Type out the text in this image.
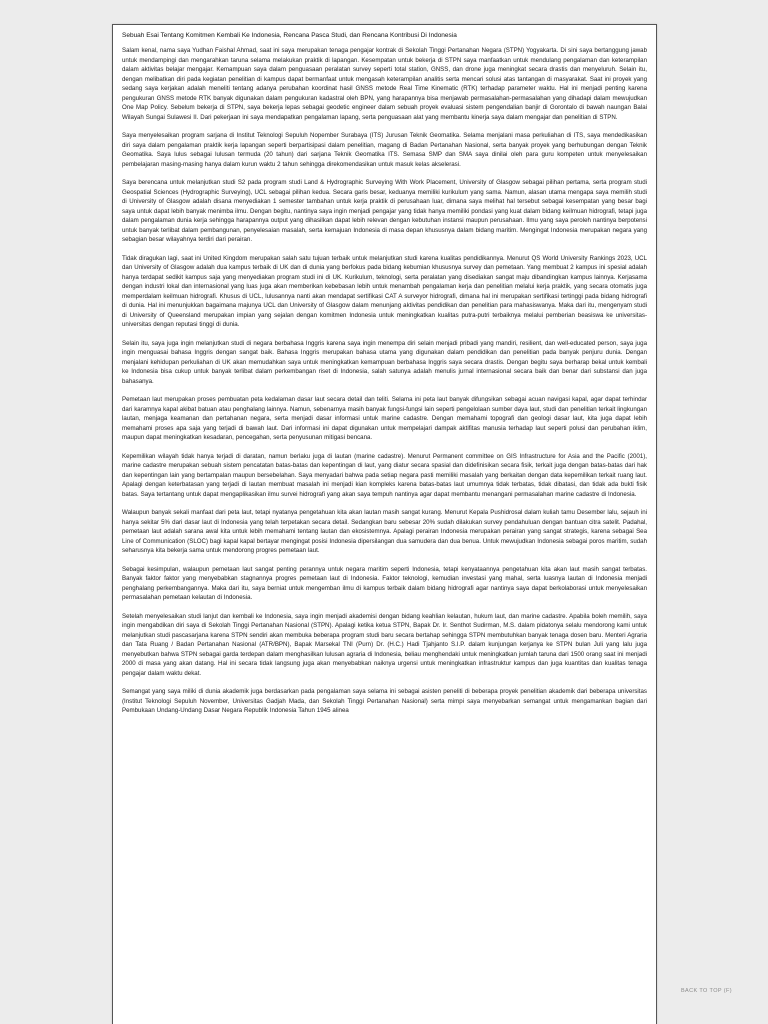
Sebuah Esai Tentang Komitmen Kembali Ke Indonesia, Rencana Pasca Studi, dan Rencana Kontribusi Di Indonesia

Salam kenal, nama saya Yudhan Faishal Ahmad, saat ini saya merupakan tenaga pengajar kontrak di Sekolah Tinggi Pertanahan Negara (STPN) Yogyakarta. Di sini saya bertanggung jawab untuk mendampingi dan mengarahkan taruna selama melakukan praktik di lapangan. Kesempatan untuk bekerja di STPN saya manfaatkan untuk mendulang pengalaman dan keterampilan dalam aktivitas belajar mengajar. Kemampuan saya dalam penguasaan peralatan survey seperti total station, GNSS, dan drone juga meningkat secara drastis dan menyeluruh. Selain itu, dengan melibatkan diri pada kegiatan penelitian di kampus dapat bermanfaat untuk mengasah keterampilan analitis serta mencari solusi atas tantangan di masyarakat. Saat ini proyek yang sedang saya kerjakan adalah meneliti tentang adanya perubahan koordinat hasil GNSS metode Real Time Kinematic (RTK) terhadap parameter waktu. Hal ini menjadi penting karena pengukuran GNSS metode RTK banyak digunakan dalam pengukuran kadastral oleh BPN, yang harapannya bisa menjawab permasalahan-permasalahan yang dihadapi dalam mewujudkan One Map Policy. Sebelum bekerja di STPN, saya bekerja lepas sebagai geodetic engineer dalam sebuah proyek evaluasi sistem pengendalian banjir di Gorontalo di bawah naungan Balai Wilayah Sungai Sulawesi II. Dari pekerjaan ini saya mendapatkan pengalaman lapang, serta penguasaan alat yang membantu kinerja saya dalam mengajar dan penelitian di STPN.

Saya menyelesaikan program sarjana di Institut Teknologi Sepuluh Nopember Surabaya (ITS) Jurusan Teknik Geomatika. Selama menjalani masa perkuliahan di ITS, saya mendedikasikan diri saya dalam pengalaman praktik kerja lapangan seperti berpartisipasi dalam penelitian, magang di Badan Pertanahan Nasional, serta banyak proyek yang berhubungan dengan Teknik Geomatika. Saya lulus sebagai lulusan termuda (20 tahun) dari sarjana Teknik Geomatika ITS. Semasa SMP dan SMA saya dinilai oleh para guru kompeten untuk menyelesaikan pembelajaran masing-masing hanya dalam kurun waktu 2 tahun sehingga direkomendasikan untuk masuk kelas akselerasi.

Saya berencana untuk melanjutkan studi S2 pada program studi Land & Hydrographic Surveying With Work Placement, University of Glasgow sebagai pilihan pertama, serta program studi Geospatial Sciences (Hydrographic Surveying), UCL sebagai pilihan kedua. Secara garis besar, keduanya memiliki kurikulum yang sama. Namun, alasan utama mengapa saya memilih studi di University of Glasgow adalah disana menyediakan 1 semester tambahan untuk kerja praktik di perusahaan luar, dimana saya melihat hal tersebut sebagai kesempatan yang besar bagi saya untuk dapat lebih banyak menimba ilmu. Dengan begitu, nantinya saya ingin menjadi pengajar yang tidak hanya memiliki pondasi yang kuat dalam bidang keilmuan hidrografi, tetapi juga dalam pengalaman dunia kerja sehingga harapannya output yang dihasilkan dapat lebih relevan dengan kebutuhan instansi maupun perusahaan. Ilmu yang saya peroleh nantinya berpotensi untuk banyak terlibat dalam pembangunan, penyelesaian masalah, serta kemajuan Indonesia di masa depan khususnya dalam bidang maritim. Mengingat Indonesia merupakan negara yang sebagian besar wilayahnya terdiri dari perairan.

Tidak diragukan lagi, saat ini United Kingdom merupakan salah satu tujuan terbaik untuk melanjutkan studi karena kualitas pendidikannya. Menurut QS World University Rankings 2023, UCL dan University of Glasgow adalah dua kampus terbaik di UK dan di dunia yang berfokus pada bidang kebumian khususnya survey dan pemetaan. Yang membuat 2 kampus ini spesial adalah hanya terdapat sedikit kampus saja yang menyediakan program studi ini di UK. Kurikulum, teknologi, serta peralatan yang disediakan sangat maju dibandingkan kampus lainnya. Kerjasama dengan industri lokal dan internasional yang luas juga akan memberikan kebebasan lebih untuk menambah pengalaman kerja dan penelitian melalui kerja praktik, yang secara otomatis juga memperdalam keilmuan hidrografi. Khusus di UCL, lulusannya nanti akan mendapat sertifikasi CAT A surveyor hidrografi, dimana hal ini merupakan sertifikasi tertinggi pada bidang hidrografi di dunia. Hal ini menunjukkan bagaimana majunya UCL dan University of Glasgow dalam menunjang aktivitas pendidikan dan penelitian para mahasiswanya. Maka dari itu, mengenyam studi di University of Queensland merupakan impian yang sejalan dengan komitmen Indonesia untuk meningkatkan kualitas putra-putri terbaiknya melalui pemberian beasiswa ke universitas-universitas dengan reputasi tinggi di dunia.

Selain itu, saya juga ingin melanjutkan studi di negara berbahasa Inggris karena saya ingin menempa diri selain menjadi pribadi yang mandiri, resilient, dan well-educated person, saya juga ingin menguasai bahasa Inggris dengan sangat baik. Bahasa Inggris merupakan bahasa utama yang digunakan dalam pendidikan dan penelitian pada banyak penjuru dunia. Dengan menjalani kehidupan perkuliahan di UK akan memudahkan saya untuk meningkatkan kemampuan berbahasa Inggris saya secara drastis. Dengan begitu saya berharap bekal untuk kembali ke Indonesia bisa cukup untuk banyak terlibat dalam perkembangan riset di Indonesia, salah satunya adalah menulis jurnal internasional secara baik dan benar dari substansi dan juga bahasanya.

Pemetaan laut merupakan proses pembuatan peta kedalaman dasar laut secara detail dan teliti. Selama ini peta laut banyak difungsikan sebagai acuan navigasi kapal, agar dapat terhindar dari karamnya kapal akibat batuan atau penghalang lainnya. Namun, sebenarnya masih banyak fungsi-fungsi lain seperti pengelolaan sumber daya laut, studi dan penelitian terkait lingkungan lautan, menjaga keamanan dan pertahanan negara, serta menjadi dasar informasi untuk marine cadastre. Dengan memahami topografi dan geologi dasar laut, kita juga dapat lebih memahami proses apa saja yang terjadi di bawah laut. Dari informasi ini dapat digunakan untuk mempelajari dampak aktifitas manusia terhadap laut seperti polusi dan perubahan iklim, maupun dapat meningkatkan kesadaran, pencegahan, serta penyusunan mitigasi bencana.

Kepemilikan wilayah tidak hanya terjadi di daratan, namun berlaku juga di lautan (marine cadastre). Menurut Permanent committee on GIS Infrastructure for Asia and the Pacific (2001), marine cadastre merupakan sebuah sistem pencatatan batas-batas dan kepentingan di laut, yang diatur secara spasial dan didefinisikan secara fisik, terkait juga dengan batas-batas dari hak dan kepentingan lain yang bertampalan maupun bersebelahan. Saya menyadari bahwa pada setiap negara pasti memiliki masalah yang berkaitan dengan data kepemilikan terkait ruang laut. Apalagi dengan keterbatasan yang terjadi di lautan membuat masalah ini menjadi kian kompleks karena batas-batas laut umumnya tidak terbatas, tidak dibatasi, dan tidak ada bukti fisik batas. Saya tertantang untuk dapat mengaplikasikan ilmu survei hidrografi yang akan saya tempuh nantinya agar dapat membantu menangani permasalahan marine cadastre di Indonesia.

Walaupun banyak sekali manfaat dari peta laut, tetapi nyatanya pengetahuan kita akan lautan masih sangat kurang. Menurut Kepala Pushidrosal dalam kuliah tamu Desember lalu, sejauh ini hanya sekitar 5% dari dasar laut di Indonesia yang telah terpetakan secara detail. Sedangkan baru sebesar 20% sudah dilakukan survey pendahuluan dengan bantuan citra satelit. Padahal, pemetaan laut adalah sarana awal kita untuk lebih memahami tentang lautan dan ekosistemnya. Apalagi perairan Indonesia merupakan perairan yang sangat strategis, karena sebagai Sea Line of Communication (SLOC) bagi kapal kapal bertayar mengingat posisi Indonesia dipersilangan dua samudera dan dua benua. Untuk mewujudkan Indonesia sebagai poros maritim, sudah seharusnya kita bekerja sama untuk mendorong progres pemetaan laut.

Sebagai kesimpulan, walaupun pemetaan laut sangat penting perannya untuk negara maritim seperti Indonesia, tetapi kenyataannya pengetahuan kita akan laut masih sangat terbatas. Banyak faktor faktor yang menyebabkan stagnannya progres pemetaan laut di Indonesia. Faktor teknologi, kemudian investasi yang mahal, serta luasnya lautan di Indonesia menjadi penghalang perkembangannya. Maka dari itu, saya berniat untuk mengemban ilmu di kampus terbaik dalam bidang hidrografi agar nantinya saya dapat berkolaborasi untuk menyelesaikan permasalahan pemetaan kelautan di Indonesia.

Setelah menyelesaikan studi lanjut dan kembali ke Indonesia, saya ingin menjadi akademisi dengan bidang keahlian kelautan, hukum laut, dan marine cadastre. Apabila boleh memilih, saya ingin mengabdikan diri saya di Sekolah Tinggi Pertanahan Nasional (STPN). Apalagi ketika ketua STPN, Bapak Dr. Ir. Senthot Sudirman, M.S. dalam pidatonya selalu mendorong kami untuk melanjutkan studi pascasarjana karena STPN sendiri akan membuka beberapa program studi baru secara bertahap sehingga STPN membutuhkan banyak tenaga dosen baru. Menteri Agraria dan Tata Ruang / Badan Pertanahan Nasional (ATR/BPN), Bapak Marsekal TNI (Purn) Dr. (H.C.) Hadi Tjahjanto S.I.P. dalam kunjungan kerjanya ke STPN bulan Juli yang lalu juga menyebutkan bahwa STPN sebagai garda terdepan dalam menghasilkan lulusan agraria di Indonesia, beliau menghendaki untuk meningkatkan jumlah taruna dari 1500 orang saat ini menjadi 2000 di masa yang akan datang. Hal ini secara tidak langsung juga akan menyebabkan naiknya urgensi untuk meningkatkan infrastruktur kampus dan juga kuantitas dan kualitas tenaga pengajar dalam waktu dekat.

Semangat yang saya miliki di dunia akademik juga berdasarkan pada pengalaman saya selama ini sebagai asisten peneliti di beberapa proyek penelitian akademik dari beberapa universitas (Institut Teknologi Sepuluh November, Universitas Gadjah Mada, dan Sekolah Tinggi Pertanahan Nasional) serta mimpi saya menyebarkan semangat untuk mengamankan bagian dari Pembukaan Undang-Undang Dasar Negara Republik Indonesia Tahun 1945 alinea

BACK TO TOP (F)
